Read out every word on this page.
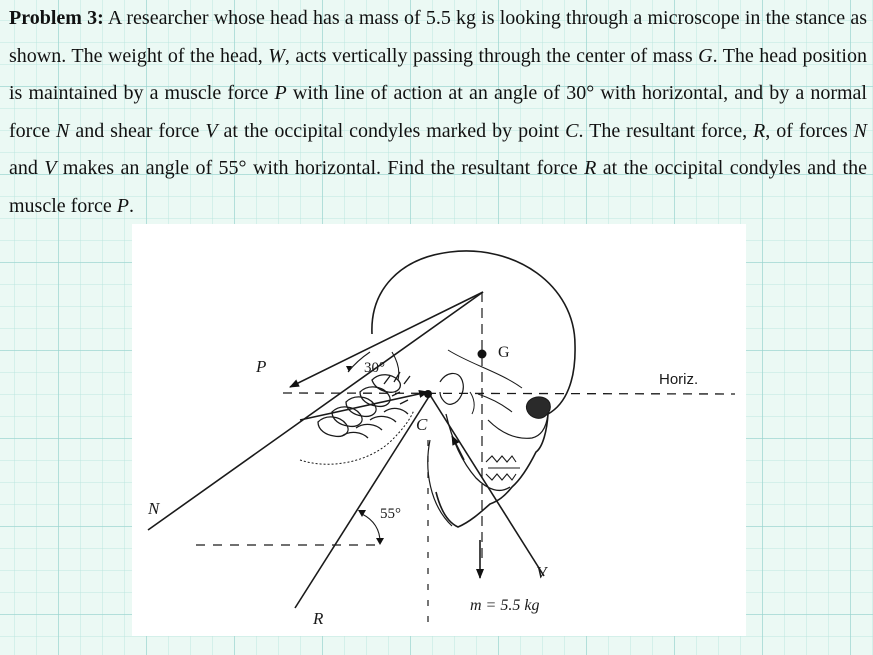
Problem 3: A researcher whose head has a mass of 5.5 kg is looking through a microscope in the stance as shown. The weight of the head, W, acts vertically passing through the center of mass G. The head position is maintained by a muscle force P with line of action at an angle of 30° with horizontal, and by a normal force N and shear force V at the occipital condyles marked by point C. The resultant force, R, of forces N and V makes an angle of 55° with horizontal. Find the resultant force R at the occipital condyles and the muscle force P.
P	30°
G
Horiz.
C
N	55°
V
m = 5.5 kg
R
